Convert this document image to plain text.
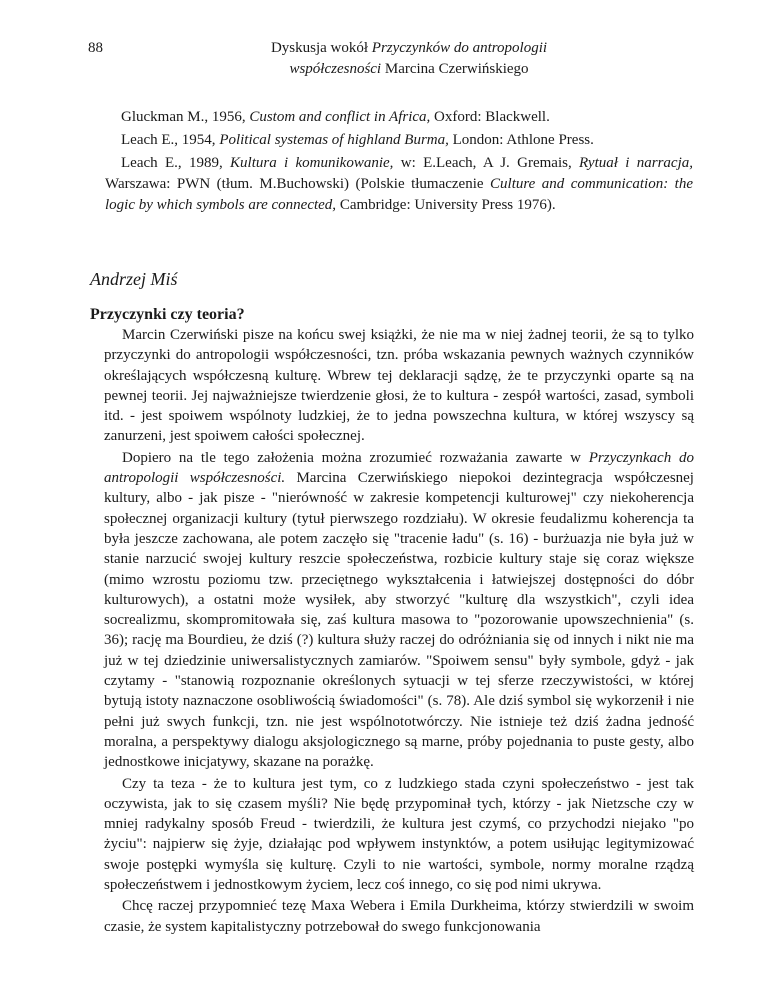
88	Dyskusja wokół Przyczynków do antropologii
współczesności Marcina Czerwińskiego

Gluckman M., 1956, Custom and conflict in Africa, Oxford: Blackwell.

Leach E., 1954, Political systemas of highland Burma, London: Athlone Press.

Leach E., 1989, Kultura i komunikowanie, w: E.Leach, A J. Gremais, Rytuał i narracja, Warszawa: PWN (tłum. M.Buchowski) (Polskie tłumaczenie Culture and communication: the logic by which symbols are connected, Cambridge: University Press 1976).

Andrzej Miś
Przyczynki czy teoria?

Marcin Czerwiński pisze na końcu swej książki, że nie ma w niej żadnej teorii, że są to tylko przyczynki do antropologii współczesności, tzn. próba wskazania pewnych ważnych czynników określających współczesną kulturę. Wbrew tej deklaracji sądzę, że te przyczynki oparte są na pewnej teorii. Jej najważniejsze twierdzenie głosi, że to kultura - zespół wartości, zasad, symboli itd. - jest spoiwem wspólnoty ludzkiej, że to jedna powszechna kultura, w której wszyscy są zanurzeni, jest spoiwem całości społecznej.

Dopiero na tle tego założenia można zrozumieć rozważania zawarte w Przyczynkach do antropologii współczesności. Marcina Czerwińskiego niepokoi dezintegracja współczesnej kultury, albo - jak pisze - "nierówność w zakresie kompetencji kulturowej" czy niekoherencja społecznej organizacji kultury (tytuł pierwszego rozdziału). W okresie feudalizmu koherencja ta była jeszcze zachowana, ale potem zaczęło się "tracenie ładu" (s. 16) - burżuazja nie była już w stanie narzucić swojej kultury reszcie społeczeństwa, rozbicie kultury staje się coraz większe (mimo wzrostu poziomu tzw. przeciętnego wykształcenia i łatwiejszej dostępności do dóbr kulturowych), a ostatni może wysiłek, aby stworzyć "kulturę dla wszystkich", czyli idea socrealizmu, skompromitowała się, zaś kultura masowa to "pozorowanie upowszechnienia" (s. 36); rację ma Bourdieu, że dziś (?) kultura służy raczej do odróżniania się od innych i nikt nie ma już w tej dziedzinie uniwersalistycznych zamiarów. "Spoiwem sensu" były symbole, gdyż - jak czytamy - "stanowią rozpoznanie określonych sytuacji w tej sferze rzeczywistości, w której bytują istoty naznaczone osobliwością świadomości" (s. 78). Ale dziś symbol się wykorzenił i nie pełni już swych funkcji, tzn. nie jest wspólnototwórczy. Nie istnieje też dziś żadna jedność moralna, a perspektywy dialogu aksjologicznego są marne, próby pojednania to puste gesty, albo jednostkowe inicjatywy, skazane na porażkę.

Czy ta teza - że to kultura jest tym, co z ludzkiego stada czyni społeczeństwo - jest tak oczywista, jak to się czasem myśli? Nie będę przypominał tych, którzy - jak Nietzsche czy w mniej radykalny sposób Freud - twierdzili, że kultura jest czymś, co przychodzi niejako "po życiu": najpierw się żyje, działając pod wpływem instynktów, a potem usiłując legitymizować swoje postępki wymyśla się kulturę. Czyli to nie wartości, symbole, normy moralne rządzą społeczeństwem i jednostkowym życiem, lecz coś innego, co się pod nimi ukrywa.

Chcę raczej przypomnieć tezę Maxa Webera i Emila Durkheima, którzy stwierdzili w swoim czasie, że system kapitalistyczny potrzebował do swego funkcjonowania
